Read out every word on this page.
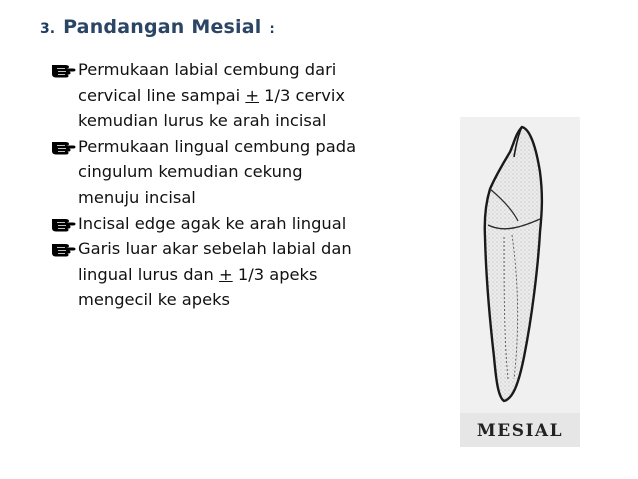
3. Pandangan Mesial :
Permukaan labial cembung dari
cervical line sampai + 1/3 cervix
kemudian lurus ke arah incisal
Permukaan lingual cembung pada
cingulum kemudian cekung
menuju incisal
Incisal edge agak ke arah lingual
Garis luar akar sebelah labial dan
lingual lurus dan + 1/3 apeks
mengecil ke apeks
MESIAL
